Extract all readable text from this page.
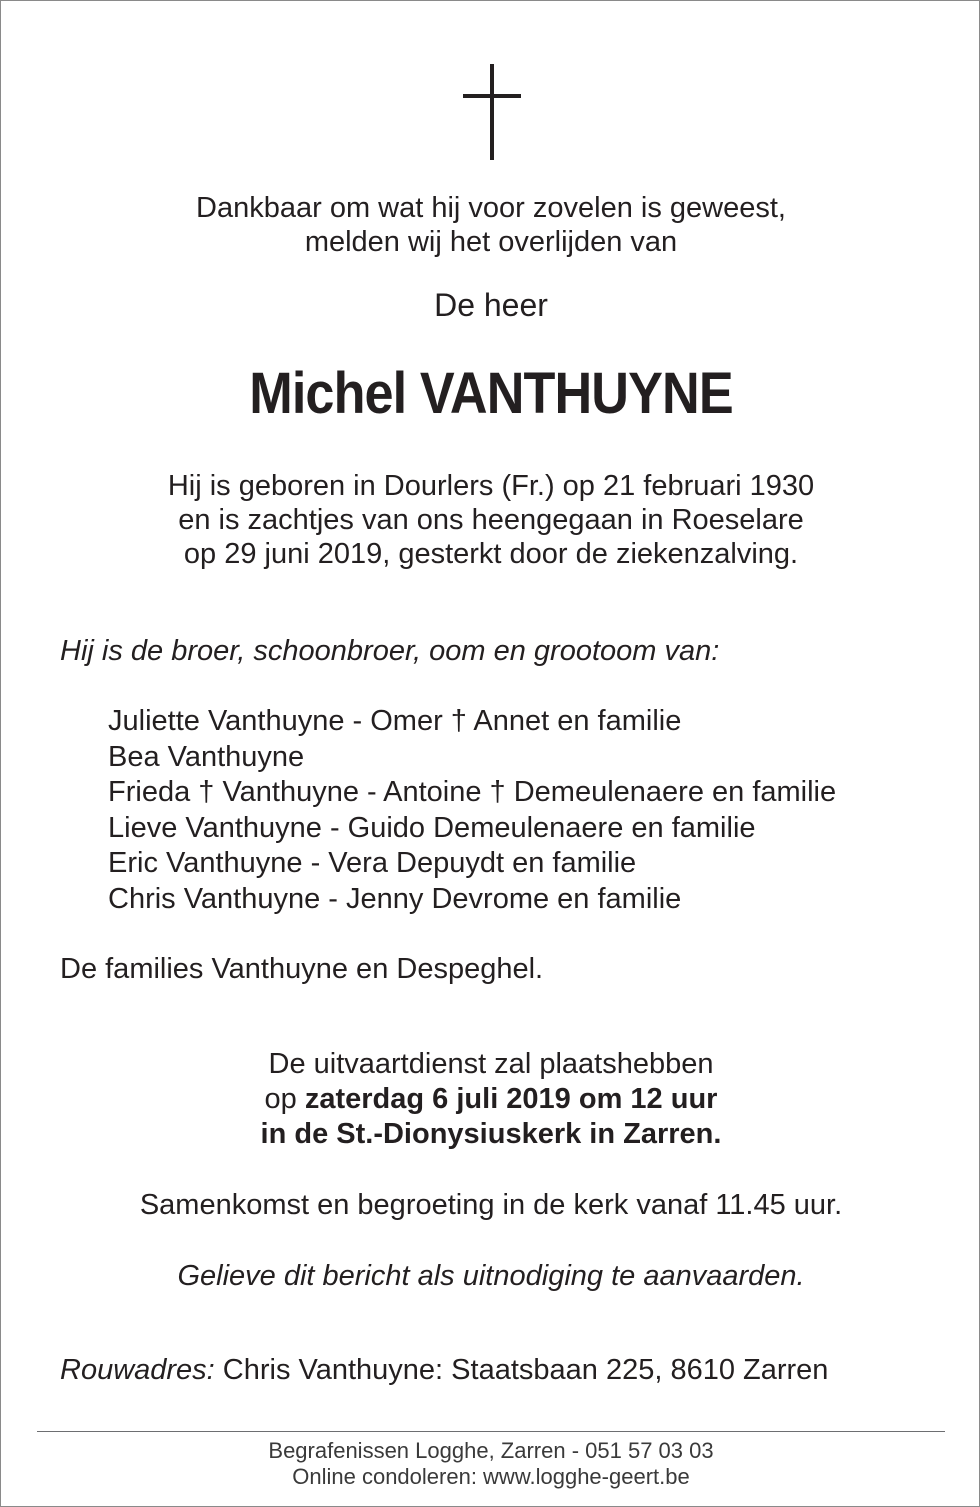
Dankbaar om wat hij voor zovelen is geweest,
melden wij het overlijden van
De heer
Michel VANTHUYNE
Hij is geboren in Dourlers (Fr.) op 21 februari 1930
en is zachtjes van ons heengegaan in Roeselare
op 29 juni 2019, gesterkt door de ziekenzalving.
Hij is de broer, schoonbroer, oom en grootoom van:
Juliette Vanthuyne - Omer † Annet en familie
Bea Vanthuyne
Frieda † Vanthuyne - Antoine † Demeulenaere en familie
Lieve Vanthuyne - Guido Demeulenaere en familie
Eric Vanthuyne - Vera Depuydt en familie
Chris Vanthuyne - Jenny Devrome en familie
De families Vanthuyne en Despeghel.
De uitvaartdienst zal plaatshebben
op zaterdag 6 juli 2019 om 12 uur
in de St.-Dionysiuskerk in Zarren.
Samenkomst en begroeting in de kerk vanaf 11.45 uur.
Gelieve dit bericht als uitnodiging te aanvaarden.
Rouwadres: Chris Vanthuyne: Staatsbaan 225, 8610 Zarren
Begrafenissen Logghe, Zarren - 051 57 03 03
Online condoleren: www.logghe-geert.be
